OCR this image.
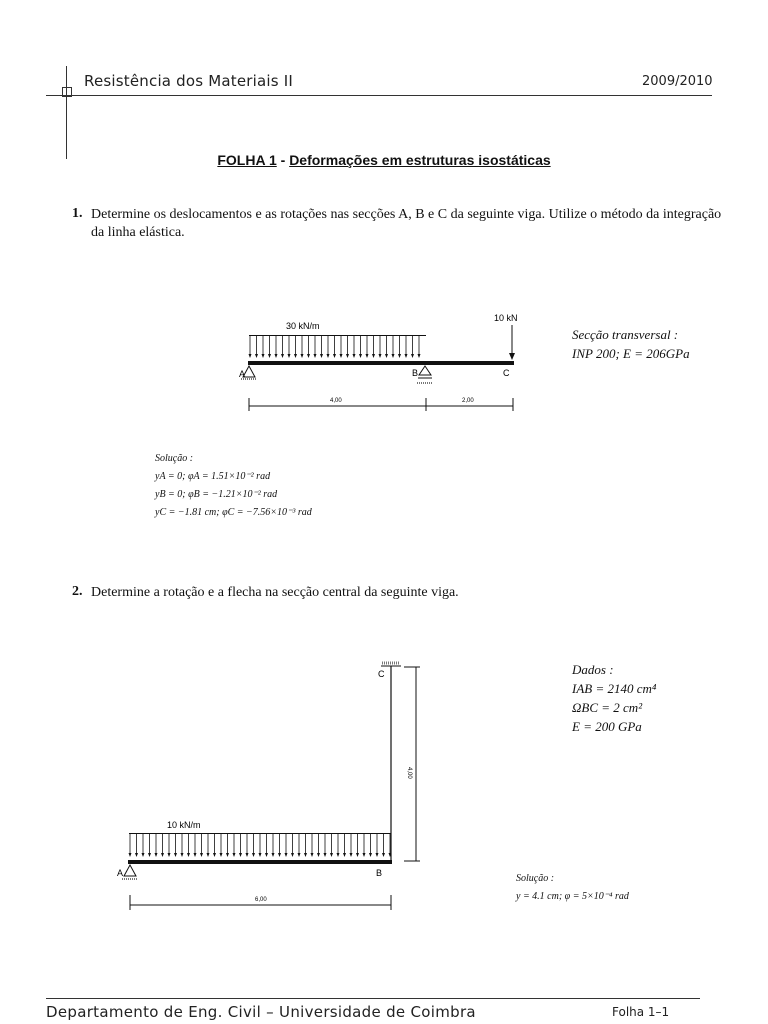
Resistência dos Materiais II	2009/2010
FOLHA 1 - Deformações em estruturas isostáticas
1. Determine os deslocamentos e as rotações nas secções A, B e C da seguinte viga. Utilize o método da integração da linha elástica.
30 kN/m
10 kN
A	B	C
4,00	2,00
Secção transversal :
INP 200; E = 206GPa
Solução :
yA = 0; φA = 1.51×10⁻² rad
yB = 0; φB = −1.21×10⁻² rad
yC = −1.81 cm; φC = −7.56×10⁻³ rad
2. Determine a rotação e a flecha na secção central da seguinte viga.
C
4,00
10 kN/m
A	B
6,00
Dados :
IAB = 2140 cm⁴
ΩBC = 2 cm²
E = 200 GPa
Solução :
y = 4.1 cm; φ = 5×10⁻⁴ rad
Departamento de Eng. Civil – Universidade de Coimbra	Folha 1–1
